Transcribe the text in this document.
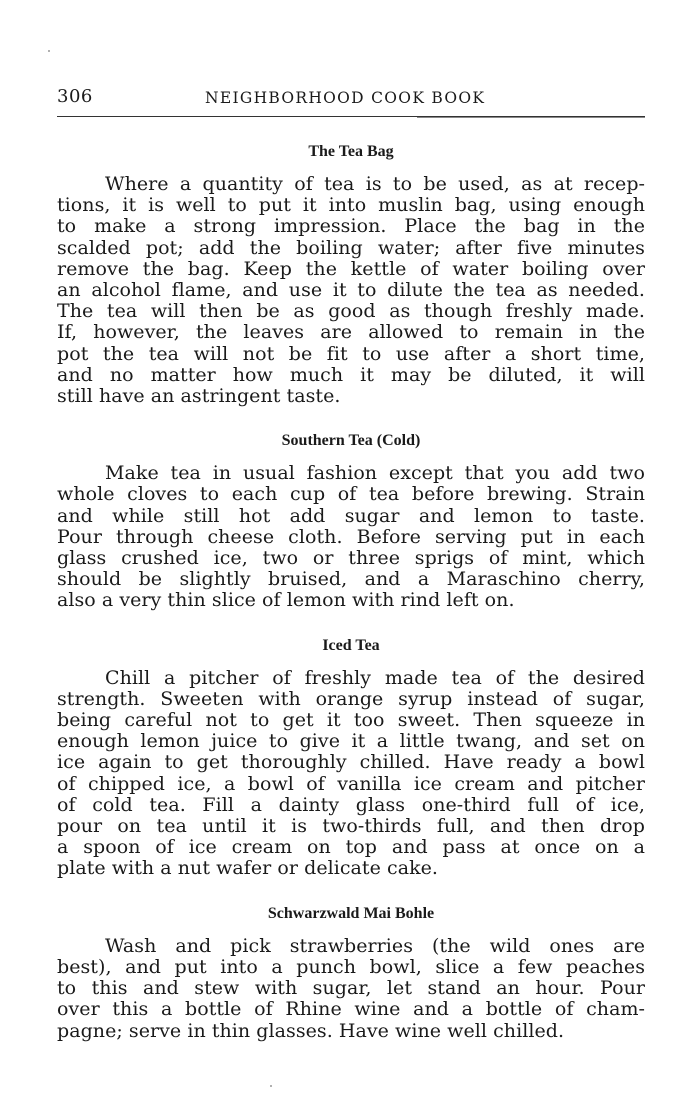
306	NEIGHBORHOOD COOK BOOK
The Tea Bag
Where a quantity of tea is to be used, as at recep-
tions, it is well to put it into muslin bag, using enough
to make a strong impression. Place the bag in the
scalded pot; add the boiling water; after five minutes
remove the bag. Keep the kettle of water boiling over
an alcohol flame, and use it to dilute the tea as needed.
The tea will then be as good as though freshly made.
If, however, the leaves are allowed to remain in the
pot the tea will not be fit to use after a short time,
and no matter how much it may be diluted, it will
still have an astringent taste.
Southern Tea (Cold)
Make tea in usual fashion except that you add two
whole cloves to each cup of tea before brewing. Strain
and while still hot add sugar and lemon to taste.
Pour through cheese cloth. Before serving put in each
glass crushed ice, two or three sprigs of mint, which
should be slightly bruised, and a Maraschino cherry,
also a very thin slice of lemon with rind left on.
Iced Tea
Chill a pitcher of freshly made tea of the desired
strength. Sweeten with orange syrup instead of sugar,
being careful not to get it too sweet. Then squeeze in
enough lemon juice to give it a little twang, and set on
ice again to get thoroughly chilled. Have ready a bowl
of chipped ice, a bowl of vanilla ice cream and pitcher
of cold tea. Fill a dainty glass one-third full of ice,
pour on tea until it is two-thirds full, and then drop
a spoon of ice cream on top and pass at once on a
plate with a nut wafer or delicate cake.
Schwarzwald Mai Bohle
Wash and pick strawberries (the wild ones are
best), and put into a punch bowl, slice a few peaches
to this and stew with sugar, let stand an hour. Pour
over this a bottle of Rhine wine and a bottle of cham-
pagne; serve in thin glasses. Have wine well chilled.
